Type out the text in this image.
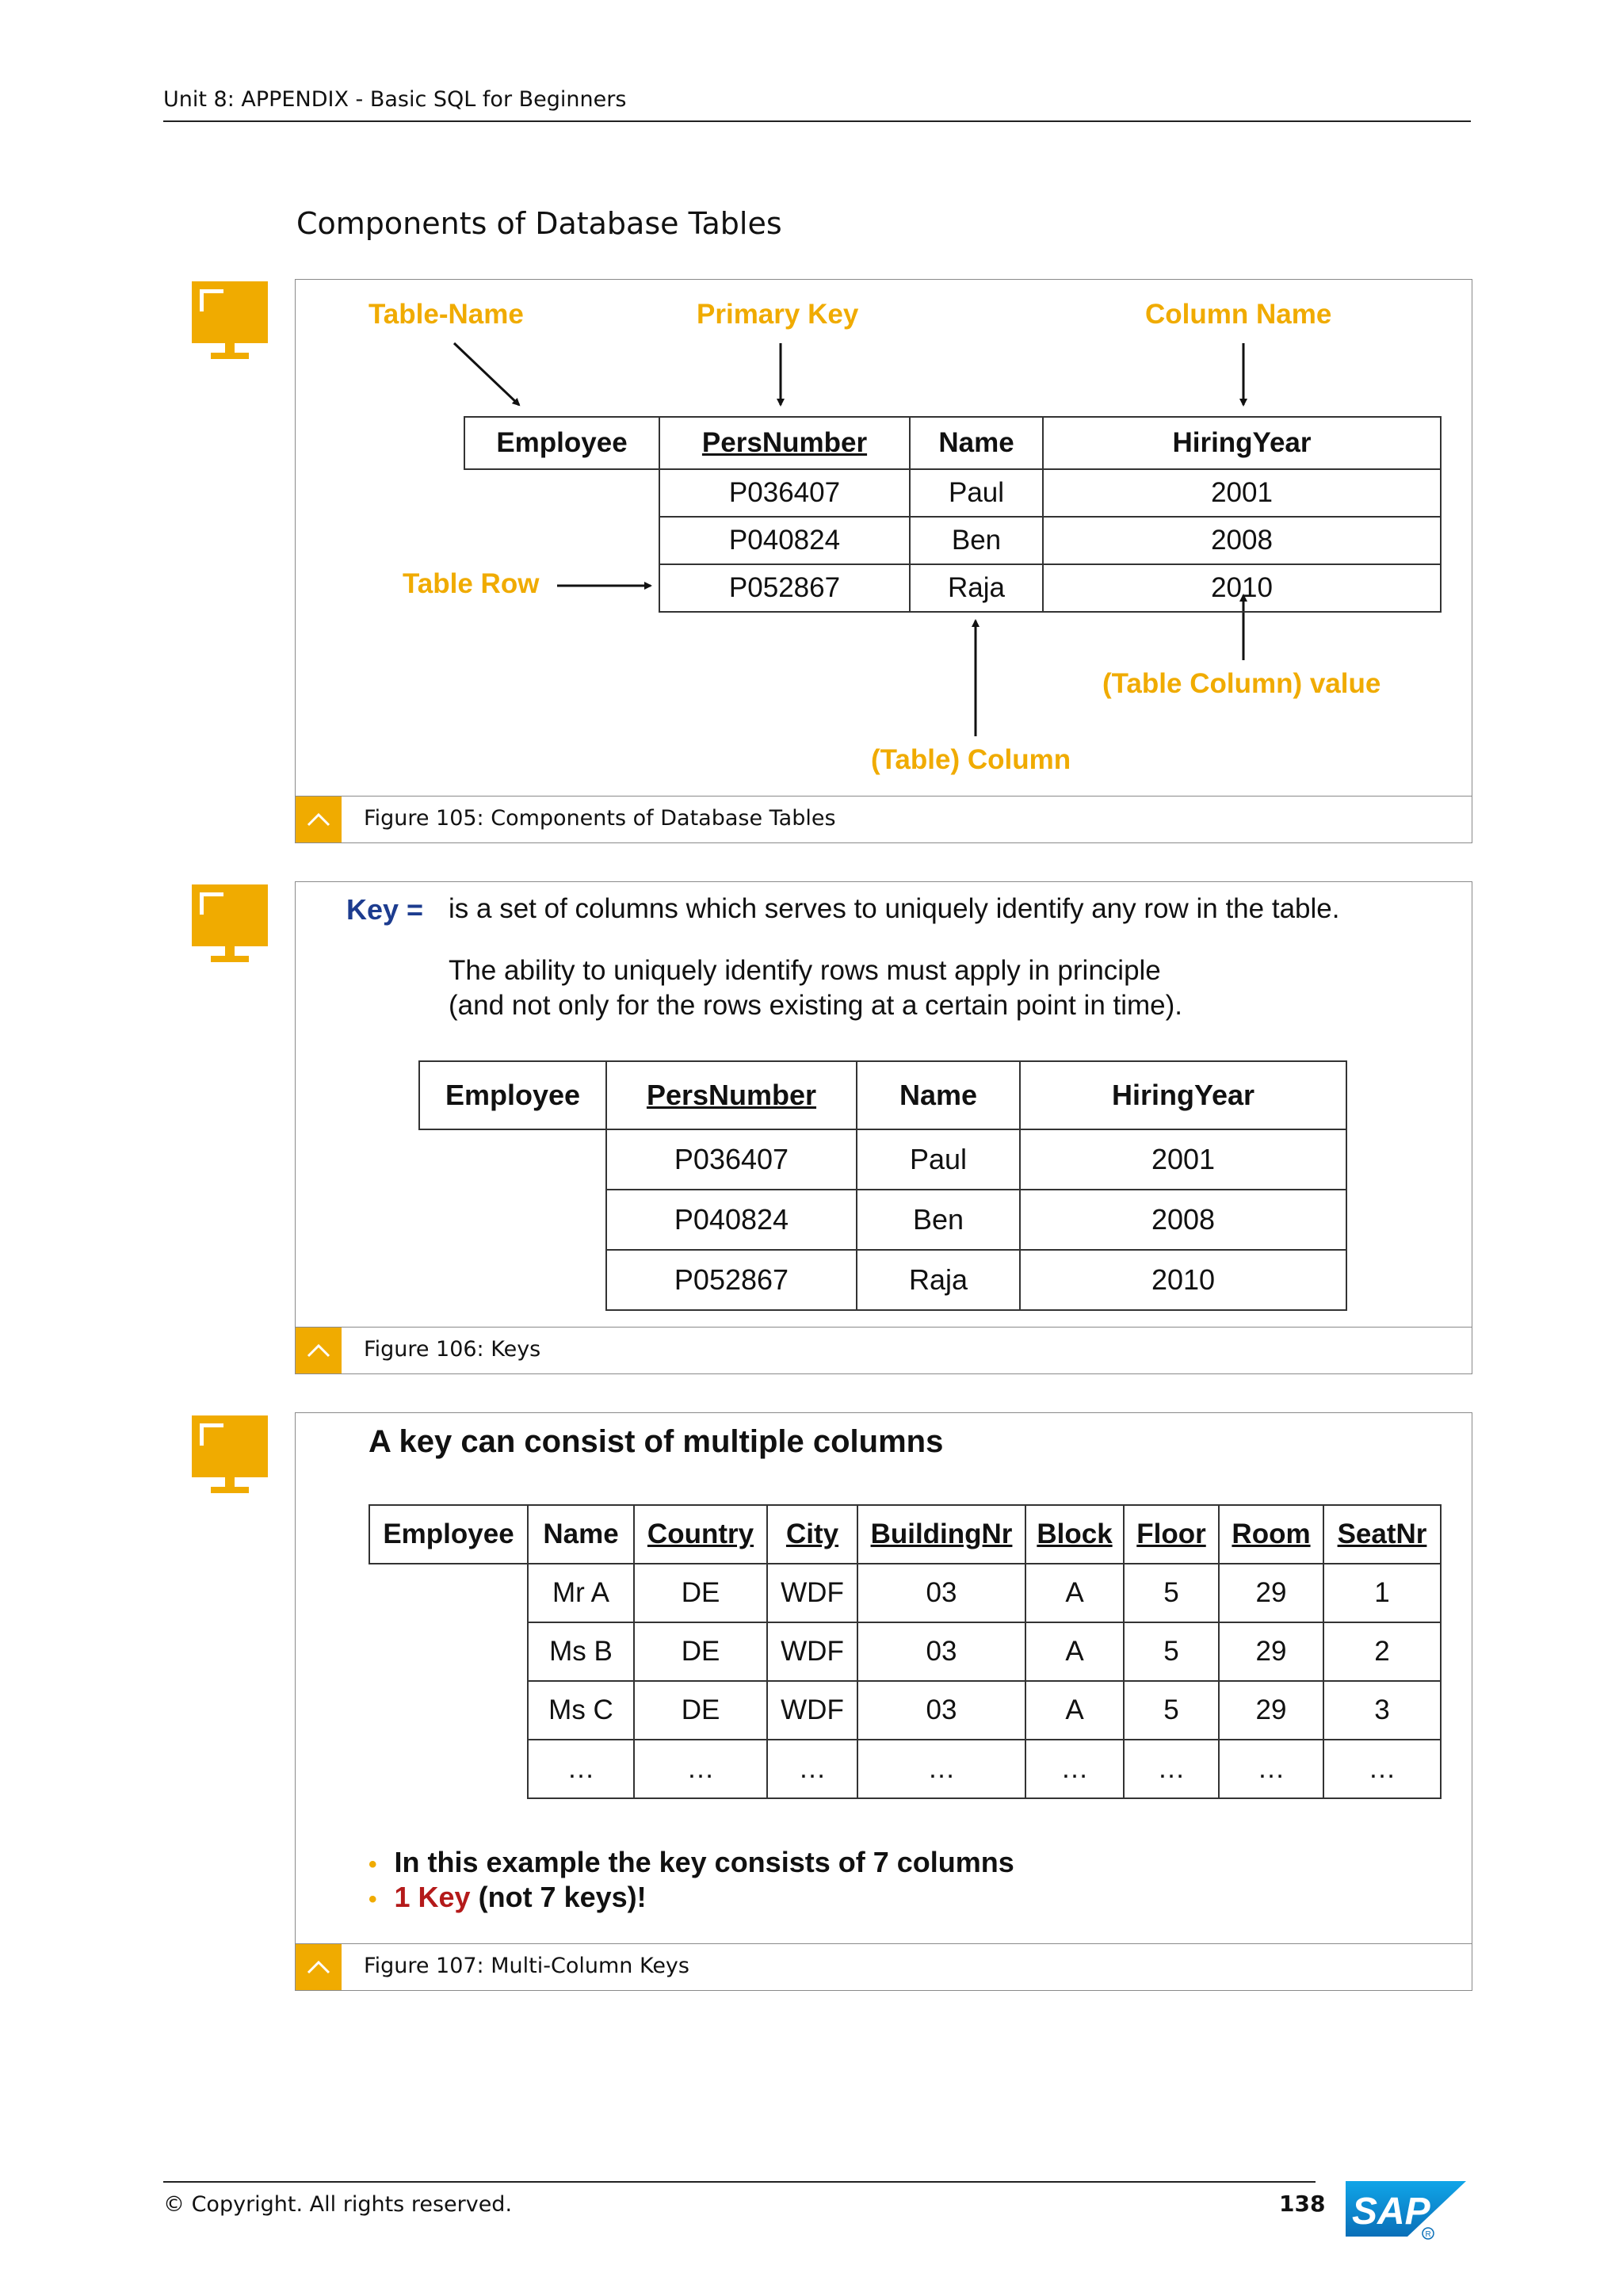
Unit 8: APPENDIX - Basic SQL for Beginners
Components of Database Tables
Table-Name	Primary Key	Column Name
Table Row
(Table Column) value
(Table) Column
Employee	PersNumber	Name	HiringYear
	P036407	Paul	2001
	P040824	Ben	2008
	P052867	Raja	2010
Figure 105: Components of Database Tables
Key = is a set of columns which serves to uniquely identify any row in the table.
The ability to uniquely identify rows must apply in principle
(and not only for the rows existing at a certain point in time).
Employee	PersNumber	Name	HiringYear
	P036407	Paul	2001
	P040824	Ben	2008
	P052867	Raja	2010
Figure 106: Keys
A key can consist of multiple columns
Employee	Name	Country	City	BuildingNr	Block	Floor	Room	SeatNr
	Mr A	DE	WDF	03	A	5	29	1
	Ms B	DE	WDF	03	A	5	29	2
	Ms C	DE	WDF	03	A	5	29	3
	…	…	…	…	…	…	…	…
• In this example the key consists of 7 columns
• 1 Key (not 7 keys)!
Figure 107: Multi-Column Keys
© Copyright. All rights reserved.	138 SAP
R
